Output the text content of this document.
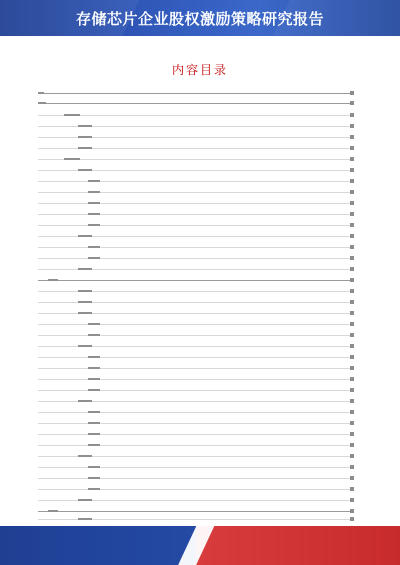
存储芯片企业股权激励策略研究报告
内容目录
